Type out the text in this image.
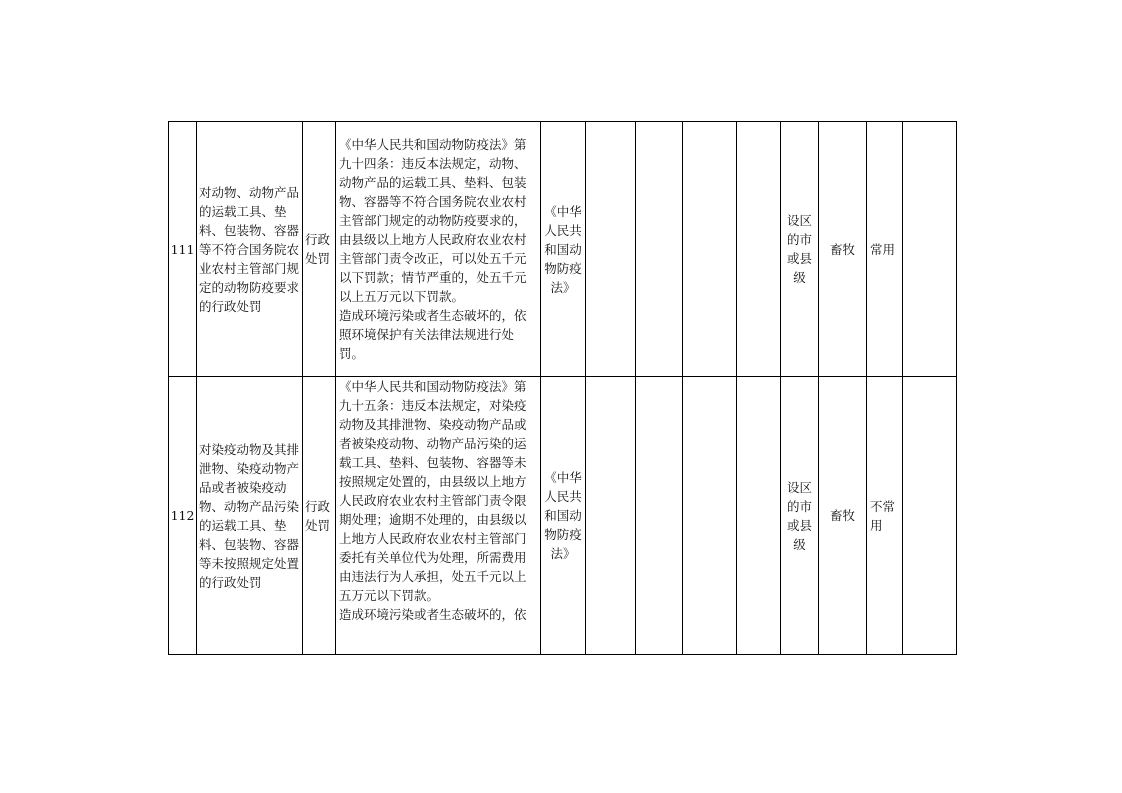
111	对动物、动物产品的运载工具、垫料、包装物、容器等不符合国务院农业农村主管部门规定的动物防疫要求的行政处罚	行政处罚	《中华人民共和国动物防疫法》第九十四条：违反本法规定，动物、动物产品的运载工具、垫料、包装物、容器等不符合国务院农业农村主管部门规定的动物防疫要求的，由县级以上地方人民政府农业农村主管部门责令改正，可以处五千元以下罚款；情节严重的，处五千元以上五万元以下罚款。
造成环境污染或者生态破坏的，依照环境保护有关法律法规进行处罚。	《中华人民共和国动物防疫法》					设区的市或县级	畜牧	常用	
112	对染疫动物及其排泄物、染疫动物产品或者被染疫动物、动物产品污染的运载工具、垫料、包装物、容器等未按照规定处置的行政处罚	行政处罚	《中华人民共和国动物防疫法》第九十五条：违反本法规定，对染疫动物及其排泄物、染疫动物产品或者被染疫动物、动物产品污染的运载工具、垫料、包装物、容器等未按照规定处置的，由县级以上地方人民政府农业农村主管部门责令限期处理；逾期不处理的，由县级以上地方人民政府农业农村主管部门委托有关单位代为处理，所需费用由违法行为人承担，处五千元以上五万元以下罚款。
造成环境污染或者生态破坏的，依	《中华人民共和国动物防疫法》					设区的市或县级	畜牧	不常用	
